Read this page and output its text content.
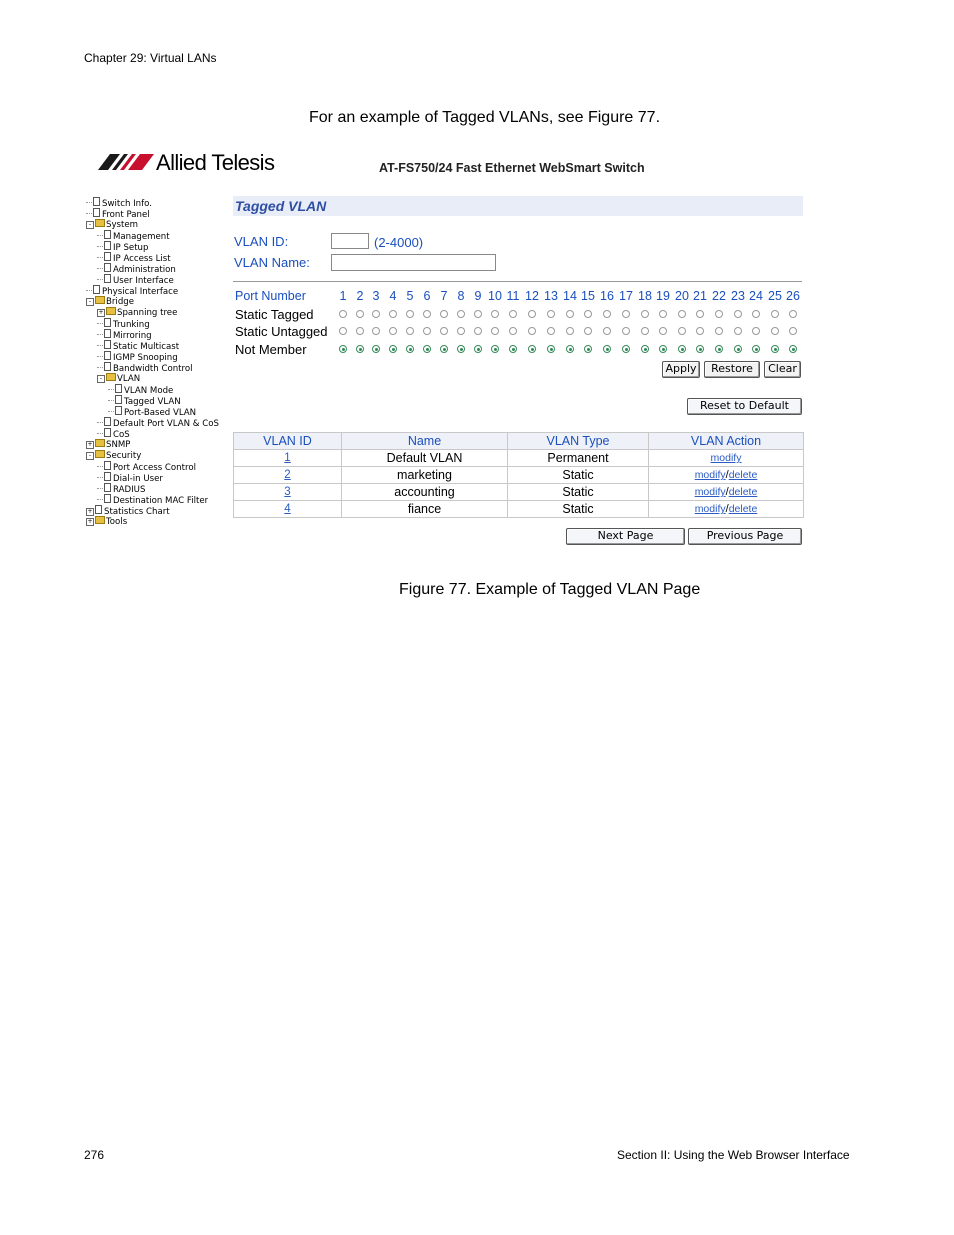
Chapter 29: Virtual LANs
For an example of Tagged VLANs, see Figure 77.
Allied Telesis	AT-FS750/24 Fast Ethernet WebSmart Switch
Switch Info.
Front Panel
- System
Management
IP Setup
IP Access List
Administration
User Interface
Physical Interface
- Bridge
+ Spanning tree
Trunking
Mirroring
Static Multicast
IGMP Snooping
Bandwidth Control
- VLAN
VLAN Mode
Tagged VLAN
Port-Based VLAN
Default Port VLAN & CoS
CoS
+ SNMP
- Security
Port Access Control
Dial-in User
RADIUS
Destination MAC Filter
+ Statistics Chart
+ Tools
Tagged VLAN
VLAN ID:	(2-4000)
VLAN Name:
Port Number	1 2 3 4 5 6 7 8 9 10 11 12 13 14 15 16 17 18 19 20 21 22 23 24 25 26
Static Tagged
Static Untagged
Not Member
Apply	Restore	Clear
Reset to Default
VLAN ID	Name	VLAN Type	VLAN Action
1	Default VLAN	Permanent	modify
2	marketing	Static	modify/delete
3	accounting	Static	modify/delete
4	fiance	Static	modify/delete
Next Page	Previous Page
Figure 77. Example of Tagged VLAN Page
276	Section II: Using the Web Browser Interface
